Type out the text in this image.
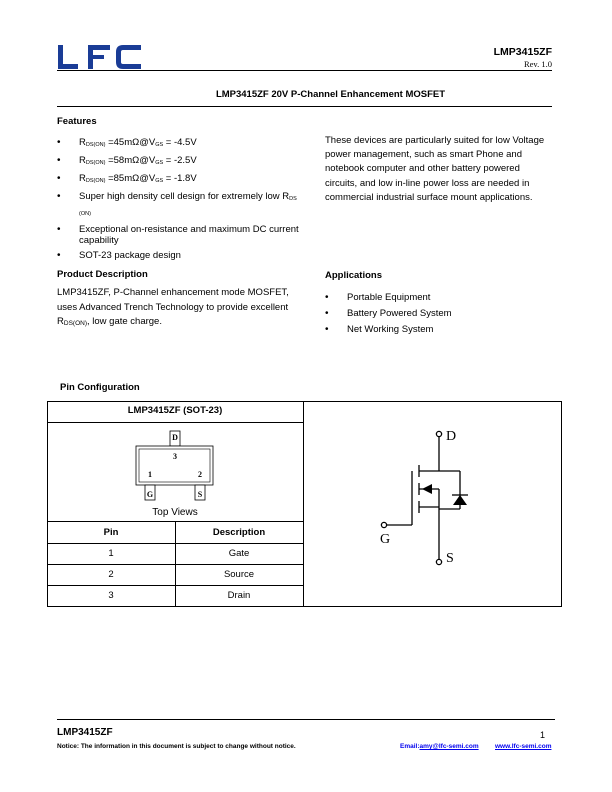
LMP3415ZF
Rev. 1.0
LMP3415ZF 20V P-Channel Enhancement MOSFET
Features
• RDS(ON) =45mΩ@VGS = -4.5V
• RDS(ON) =58mΩ@VGS = -2.5V
• RDS(ON) =85mΩ@VGS = -1.8V
• Super high density cell design for extremely low RDS (ON)
• Exceptional on-resistance and maximum DC current capability
• SOT-23 package design
These devices are particularly suited for low Voltage power management, such as smart Phone and notebook computer and other battery powered circuits, and low in-line power loss are needed in commercial industrial surface mount applications.
Product Description
LMP3415ZF, P-Channel enhancement mode MOSFET, uses Advanced Trench Technology to provide excellent RDS(ON), low gate charge.
Applications
• Portable Equipment
• Battery Powered System
• Net Working System
Pin Configuration
LMP3415ZF (SOT-23)
D
3
1	2
G	S
Top Views
Pin	Description
1	Gate
2	Source
3	Drain
D
G
S
LMP3415ZF	1
Notice: The information in this document is subject to change without notice.	Email:amy@lfc-semi.com	www.lfc-semi.com
